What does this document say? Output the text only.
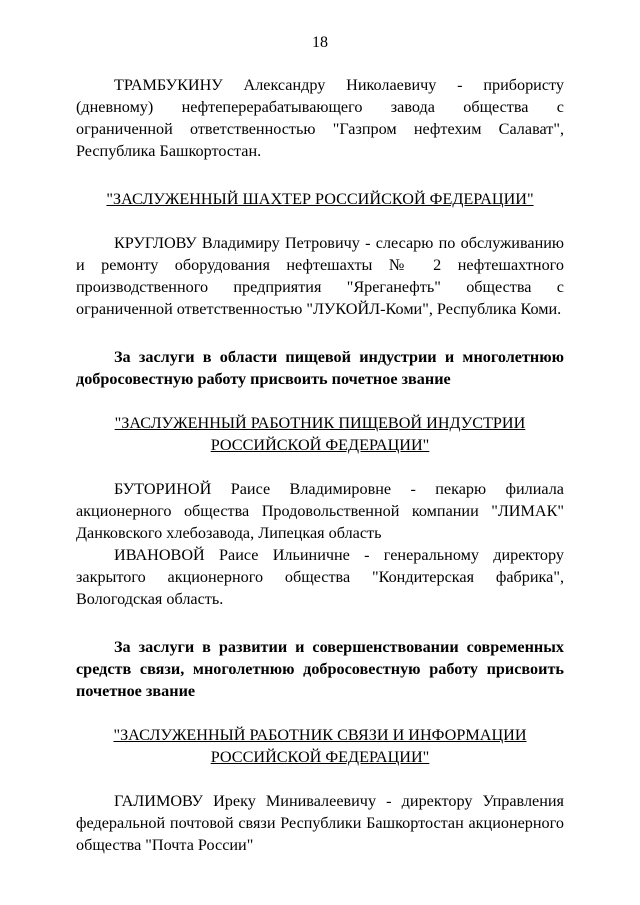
18

ТРАМБУКИНУ Александру Николаевичу - прибористу (дневному) нефтеперерабатывающего завода общества с ограниченной ответственностью "Газпром нефтехим Салават", Республика Башкортостан.

"ЗАСЛУЖЕННЫЙ ШАХТЕР РОССИЙСКОЙ ФЕДЕРАЦИИ"

КРУГЛОВУ Владимиру Петровичу - слесарю по обслуживанию и ремонту оборудования нефтешахты № 2 нефтешахтного производственного предприятия "Яреганефть" общества с ограниченной ответственностью "ЛУКОЙЛ-Коми", Республика Коми.

За заслуги в области пищевой индустрии и многолетнюю добросовестную работу присвоить почетное звание

"ЗАСЛУЖЕННЫЙ РАБОТНИК ПИЩЕВОЙ ИНДУСТРИИ

РОССИЙСКОЙ ФЕДЕРАЦИИ"

БУТОРИНОЙ Раисе Владимировне - пекарю филиала акционерного общества Продовольственной компании "ЛИМАК" Данковского хлебозавода, Липецкая область

ИВАНОВОЙ Раисе Ильиничне - генеральному директору закрытого акционерного общества "Кондитерская фабрика", Вологодская область.

За заслуги в развитии и совершенствовании современных средств связи, многолетнюю добросовестную работу присвоить почетное звание

"ЗАСЛУЖЕННЫЙ РАБОТНИК СВЯЗИ И ИНФОРМАЦИИ

РОССИЙСКОЙ ФЕДЕРАЦИИ"

ГАЛИМОВУ Иреку Минивалеевичу - директору Управления федеральной почтовой связи Республики Башкортостан акционерного общества "Почта России"
